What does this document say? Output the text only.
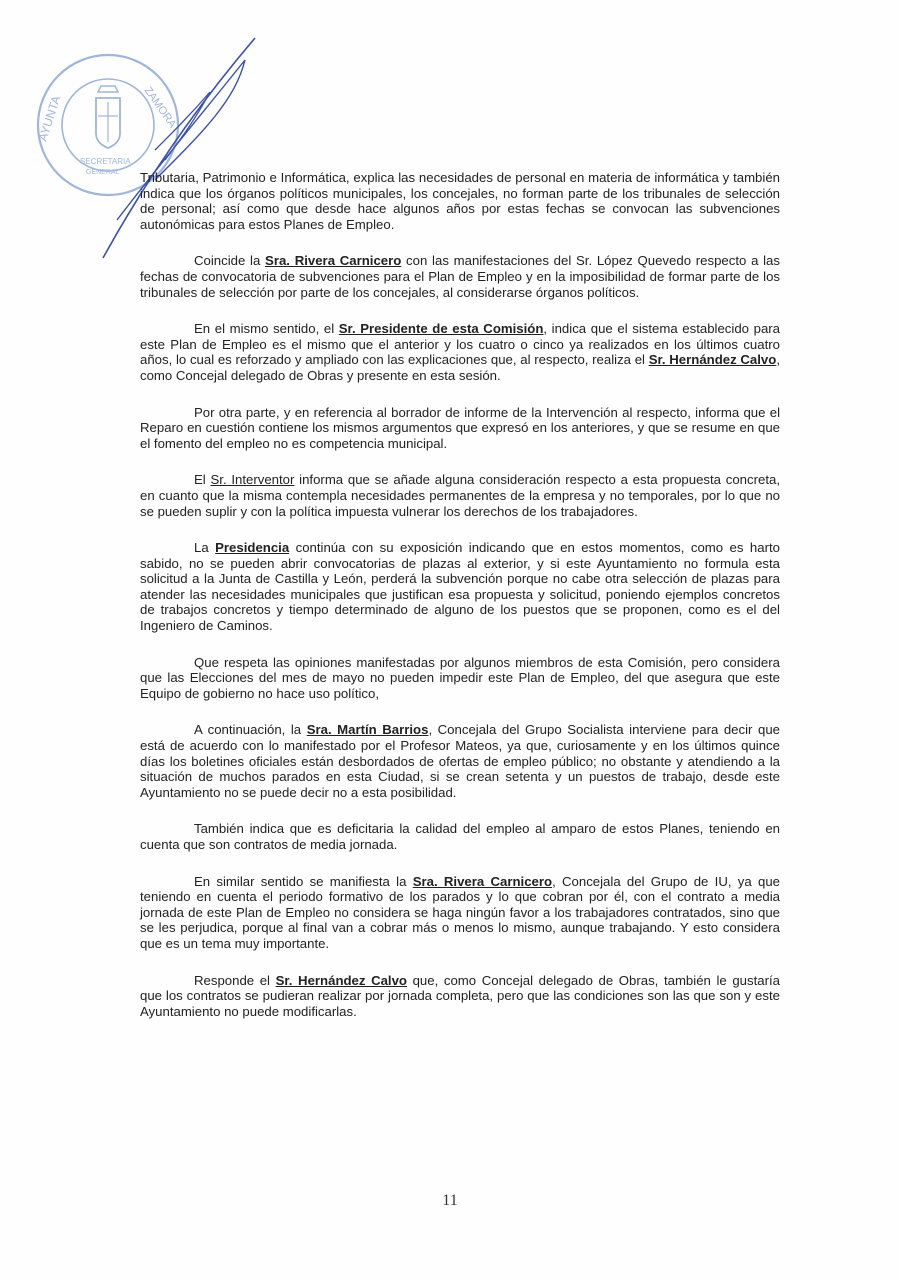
AYUNTA	ZAMORA
SECRETARIA
GENERAL Tributaria, Patrimonio e Informática, explica las necesidades de personal en materia de informática y también indica que los órganos políticos municipales, los concejales, no forman parte de los tribunales de selección de personal; así como que desde hace algunos años por estas fechas se convocan las subvenciones autonómicas para estos Planes de Empleo.

Coincide la Sra. Rivera Carnicero con las manifestaciones del Sr. López Quevedo respecto a las fechas de convocatoria de subvenciones para el Plan de Empleo y en la imposibilidad de formar parte de los tribunales de selección por parte de los concejales, al considerarse órganos políticos.

En el mismo sentido, el Sr. Presidente de esta Comisión, indica que el sistema establecido para este Plan de Empleo es el mismo que el anterior y los cuatro o cinco ya realizados en los últimos cuatro años, lo cual es reforzado y ampliado con las explicaciones que, al respecto, realiza el Sr. Hernández Calvo, como Concejal delegado de Obras y presente en esta sesión.

Por otra parte, y en referencia al borrador de informe de la Intervención al respecto, informa que el Reparo en cuestión contiene los mismos argumentos que expresó en los anteriores, y que se resume en que el fomento del empleo no es competencia municipal.

El Sr. Interventor informa que se añade alguna consideración respecto a esta propuesta concreta, en cuanto que la misma contempla necesidades permanentes de la empresa y no temporales, por lo que no se pueden suplir y con la política impuesta vulnerar los derechos de los trabajadores.

La Presidencia continúa con su exposición indicando que en estos momentos, como es harto sabido, no se pueden abrir convocatorias de plazas al exterior, y si este Ayuntamiento no formula esta solicitud a la Junta de Castilla y León, perderá la subvención porque no cabe otra selección de plazas para atender las necesidades municipales que justifican esa propuesta y solicitud, poniendo ejemplos concretos de trabajos concretos y tiempo determinado de alguno de los puestos que se proponen, como es el del Ingeniero de Caminos.

Que respeta las opiniones manifestadas por algunos miembros de esta Comisión, pero considera que las Elecciones del mes de mayo no pueden impedir este Plan de Empleo, del que asegura que este Equipo de gobierno no hace uso político,

A continuación, la Sra. Martín Barrios, Concejala del Grupo Socialista interviene para decir que está de acuerdo con lo manifestado por el Profesor Mateos, ya que, curiosamente y en los últimos quince días los boletines oficiales están desbordados de ofertas de empleo público; no obstante y atendiendo a la situación de muchos parados en esta Ciudad, si se crean setenta y un puestos de trabajo, desde este Ayuntamiento no se puede decir no a esta posibilidad.

También indica que es deficitaria la calidad del empleo al amparo de estos Planes, teniendo en cuenta que son contratos de media jornada.

En similar sentido se manifiesta la Sra. Rivera Carnicero, Concejala del Grupo de IU, ya que teniendo en cuenta el periodo formativo de los parados y lo que cobran por él, con el contrato a media jornada de este Plan de Empleo no considera se haga ningún favor a los trabajadores contratados, sino que se les perjudica, porque al final van a cobrar más o menos lo mismo, aunque trabajando. Y esto considera que es un tema muy importante.

Responde el Sr. Hernández Calvo que, como Concejal delegado de Obras, también le gustaría que los contratos se pudieran realizar por jornada completa, pero que las condiciones son las que son y este Ayuntamiento no puede modificarlas.

11
